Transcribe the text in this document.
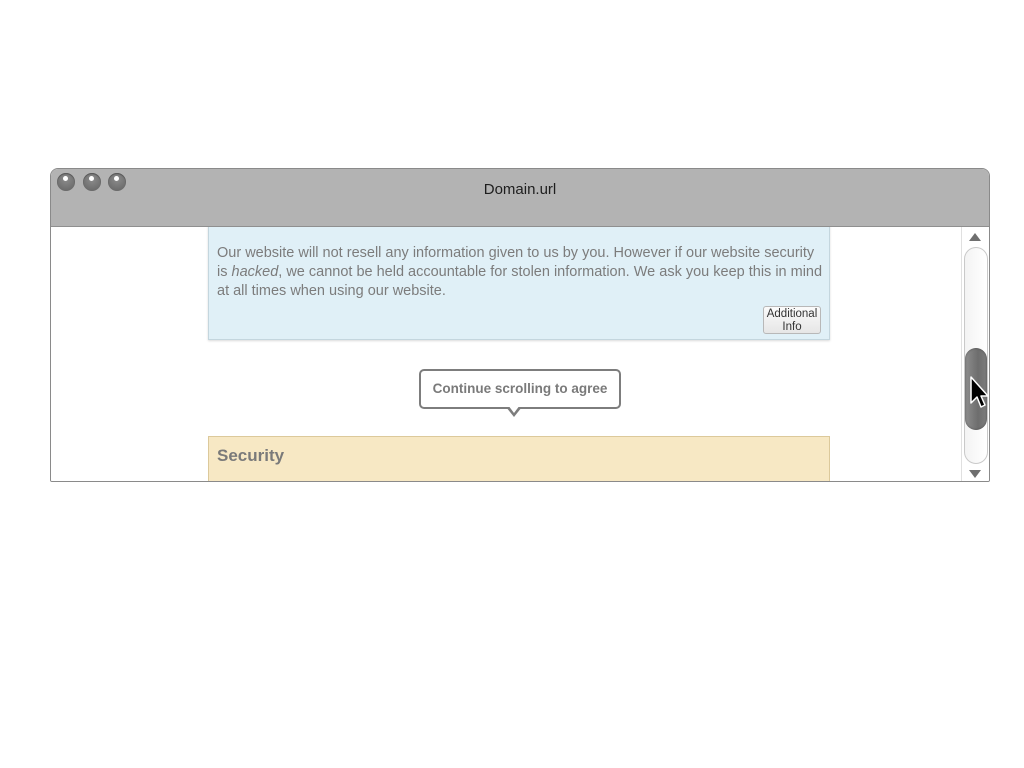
Domain.url

Our website will not resell any information given to us by you. However if our website security is hacked, we cannot be held accountable for stolen information. We ask you keep this in mind at all times when using our website.

Additional
Info
Continue scrolling to agree
Security
